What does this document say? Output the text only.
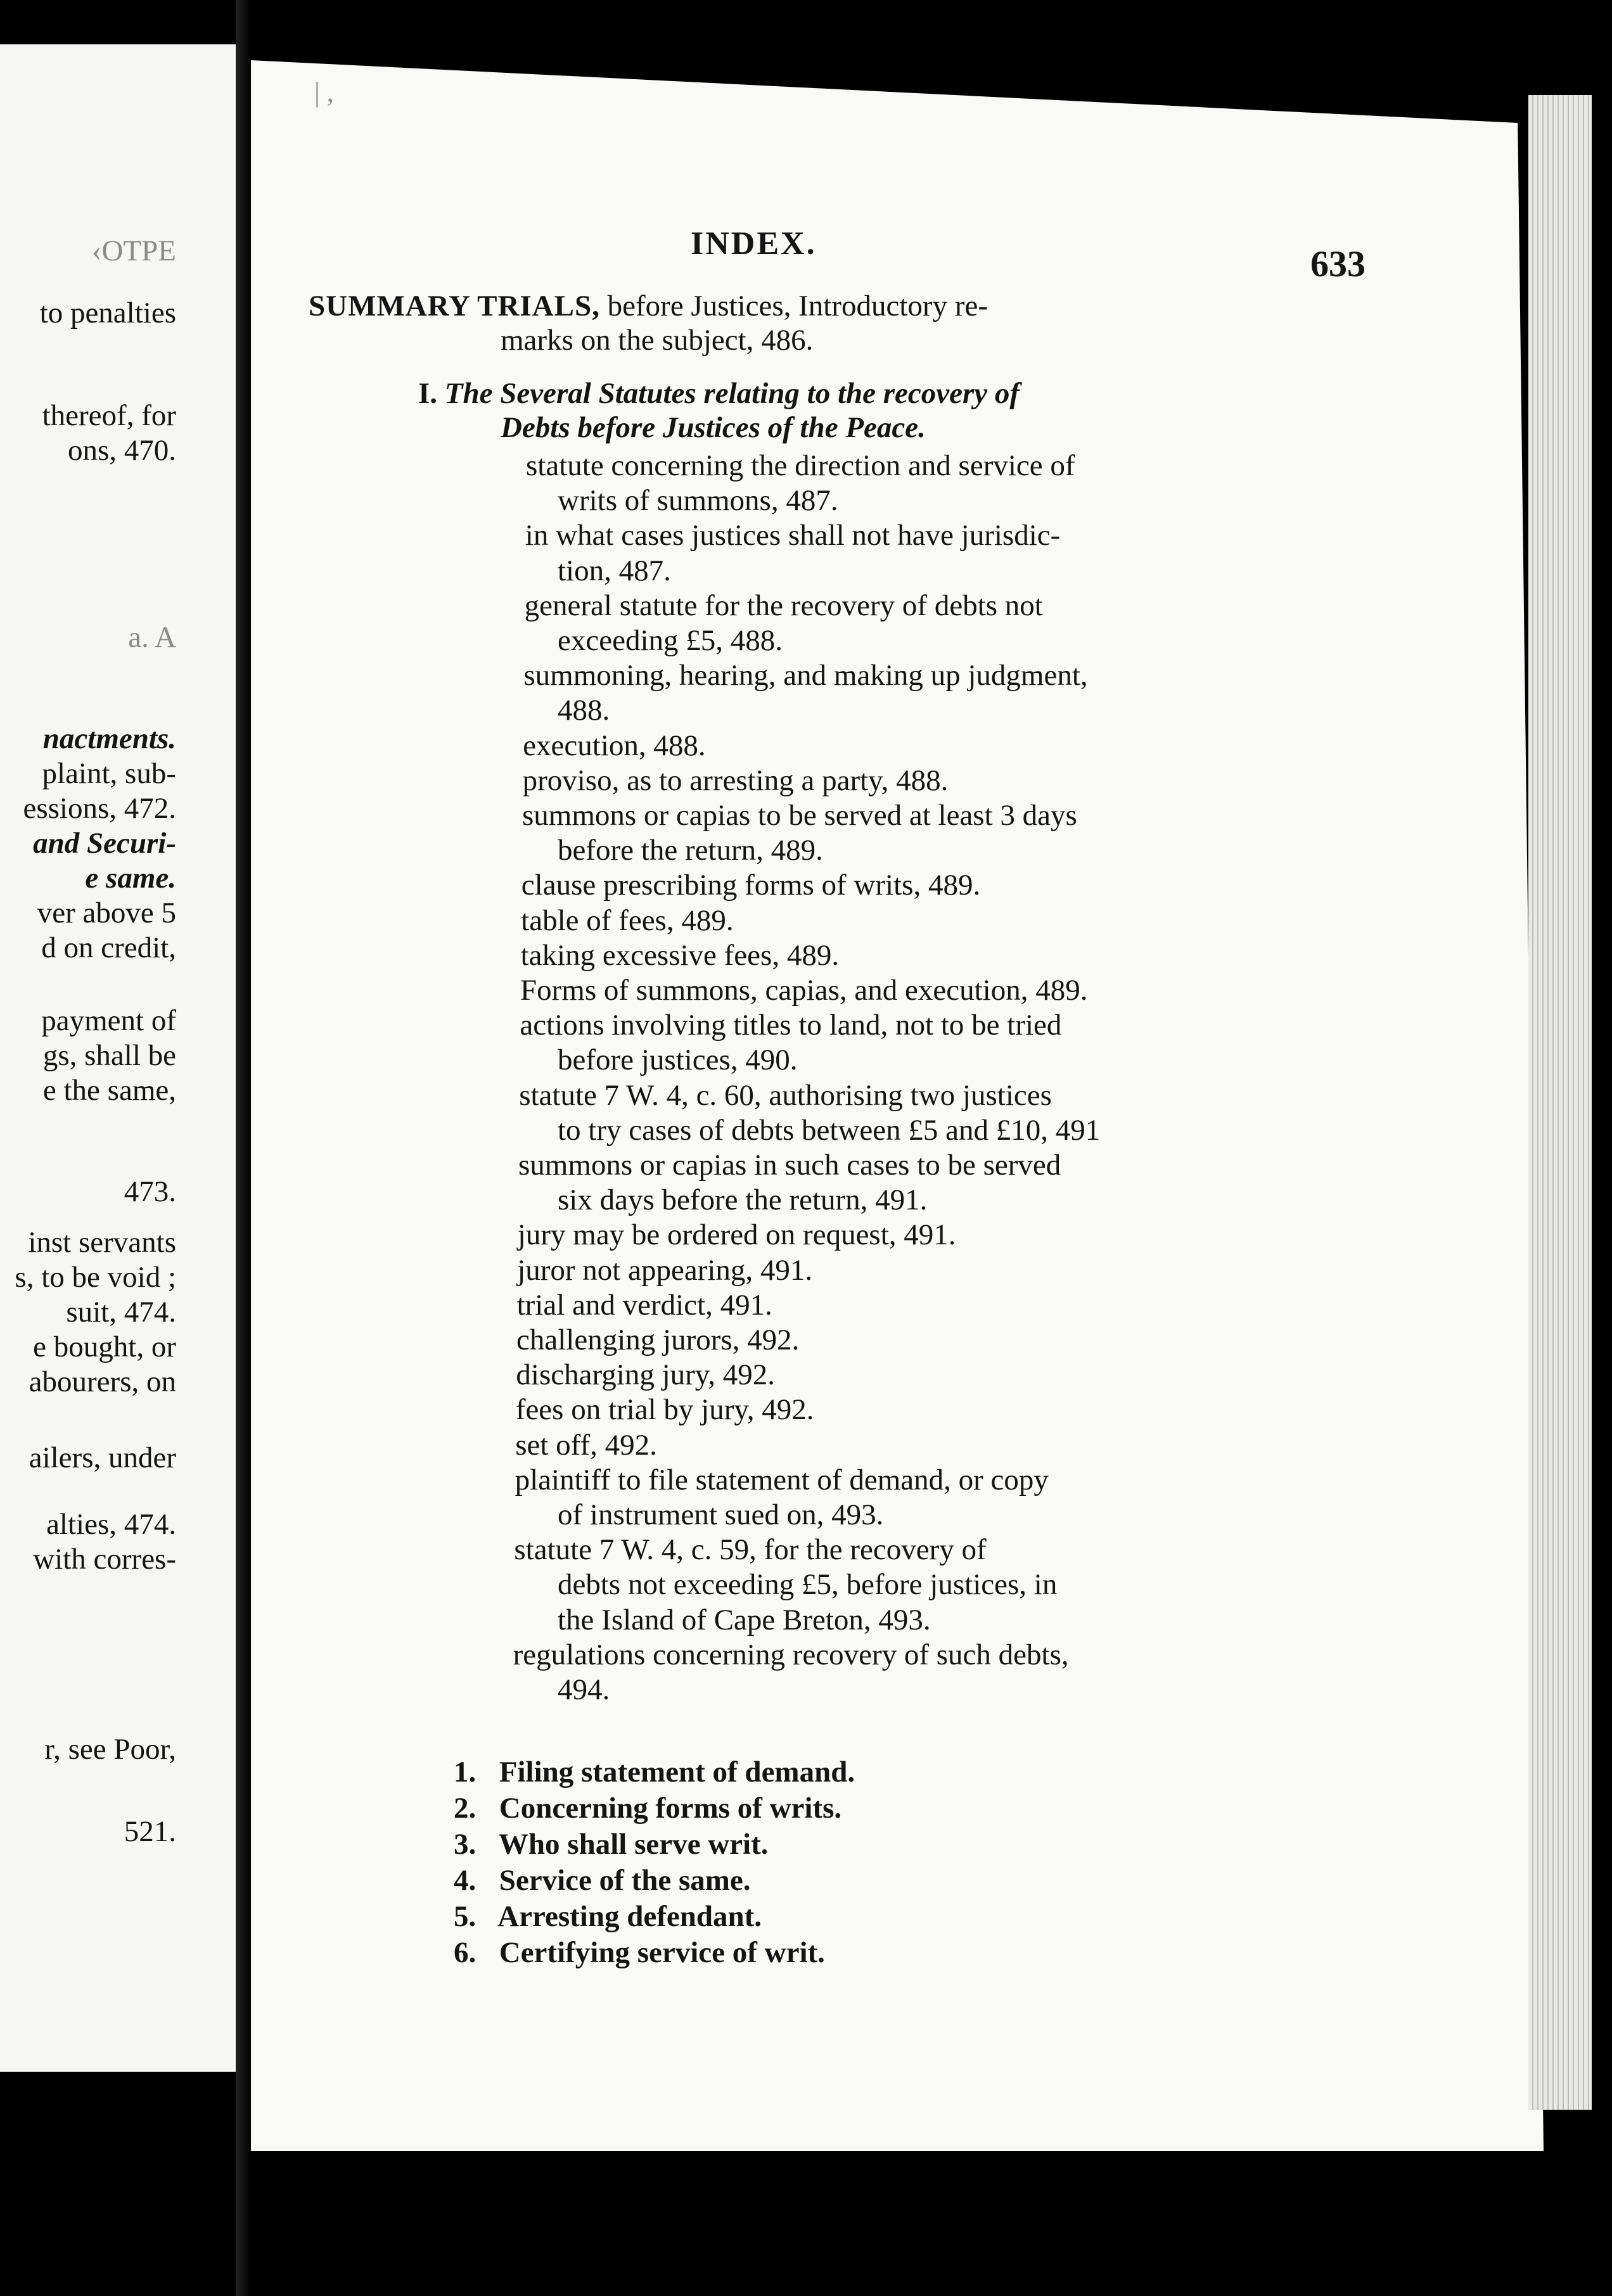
‹OTPE
to penalties
thereof, for
ons, 470.
a. A
nactments.
plaint, sub-
essions, 472.
and Securi-
e same.
ver above 5
d on credit,
payment of
gs, shall be
e the same,
473.
inst servants
s, to be void ;
suit, 474.
e bought, or
abourers, on
ailers, under
alties, 474.
with corres-
r, see Poor,
521.
| ,
INDEX.	633
SUMMARY TRIALS, before Justices, Introductory re-
marks on the subject, 486.
I. The Several Statutes relating to the recovery of
Debts before Justices of the Peace.
statute concerning the direction and service of
writs of summons, 487.
in what cases justices shall not have jurisdic-
tion, 487.
general statute for the recovery of debts not
exceeding £5, 488.
summoning, hearing, and making up judgment,
488.
execution, 488.
proviso, as to arresting a party, 488.
summons or capias to be served at least 3 days
before the return, 489.
clause prescribing forms of writs, 489.
table of fees, 489.
taking excessive fees, 489.
Forms of summons, capias, and execution, 489.
actions involving titles to land, not to be tried
before justices, 490.
statute 7 W. 4, c. 60, authorising two justices
to try cases of debts between £5 and £10, 491
summons or capias in such cases to be served
six days before the return, 491.
jury may be ordered on request, 491.
juror not appearing, 491.
trial and verdict, 491.
challenging jurors, 492.
discharging jury, 492.
fees on trial by jury, 492.
set off, 492.
plaintiff to file statement of demand, or copy
of instrument sued on, 493.
statute 7 W. 4, c. 59, for the recovery of
debts not exceeding £5, before justices, in
the Island of Cape Breton, 493.
regulations concerning recovery of such debts,
494.
1. Filing statement of demand.
2. Concerning forms of writs.
3. Who shall serve writ.
4. Service of the same.
5. Arresting defendant.
6. Certifying service of writ.
